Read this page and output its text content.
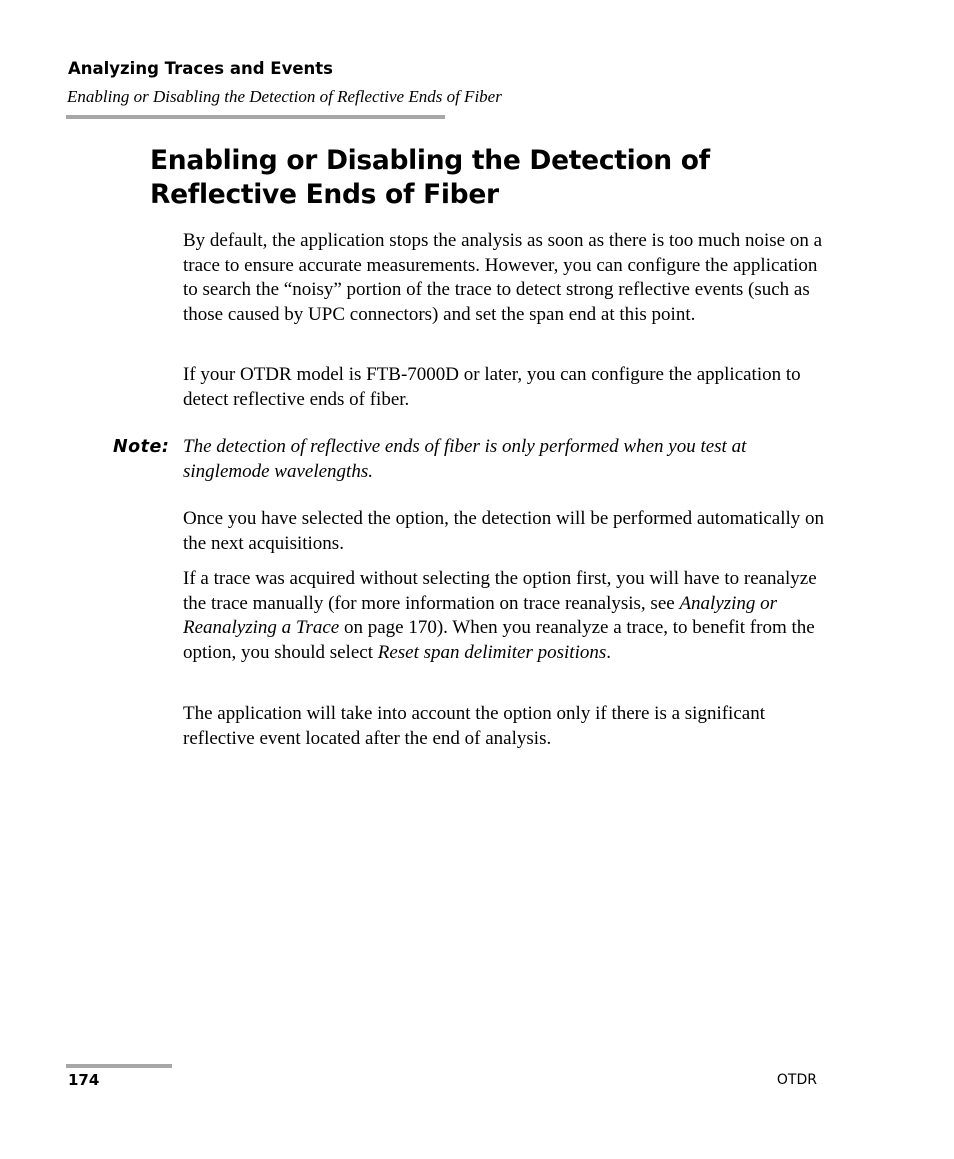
Analyzing Traces and Events

Enabling or Disabling the Detection of Reflective Ends of Fiber

Enabling or Disabling the Detection of
Reflective Ends of Fiber

By default, the application stops the analysis as soon as there is too much noise on a trace to ensure accurate measurements. However, you can configure the application to search the “noisy” portion of the trace to detect strong reflective events (such as those caused by UPC connectors) and set the span end at this point.

If your OTDR model is FTB-7000D or later, you can configure the application to detect reflective ends of fiber.

Note: The detection of reflective ends of fiber is only performed when you test at singlemode wavelengths.

Once you have selected the option, the detection will be performed automatically on the next acquisitions.

If a trace was acquired without selecting the option first, you will have to reanalyze the trace manually (for more information on trace reanalysis, see Analyzing or Reanalyzing a Trace on page 170). When you reanalyze a trace, to benefit from the option, you should select Reset span delimiter positions.

The application will take into account the option only if there is a significant reflective event located after the end of analysis.

174	OTDR
